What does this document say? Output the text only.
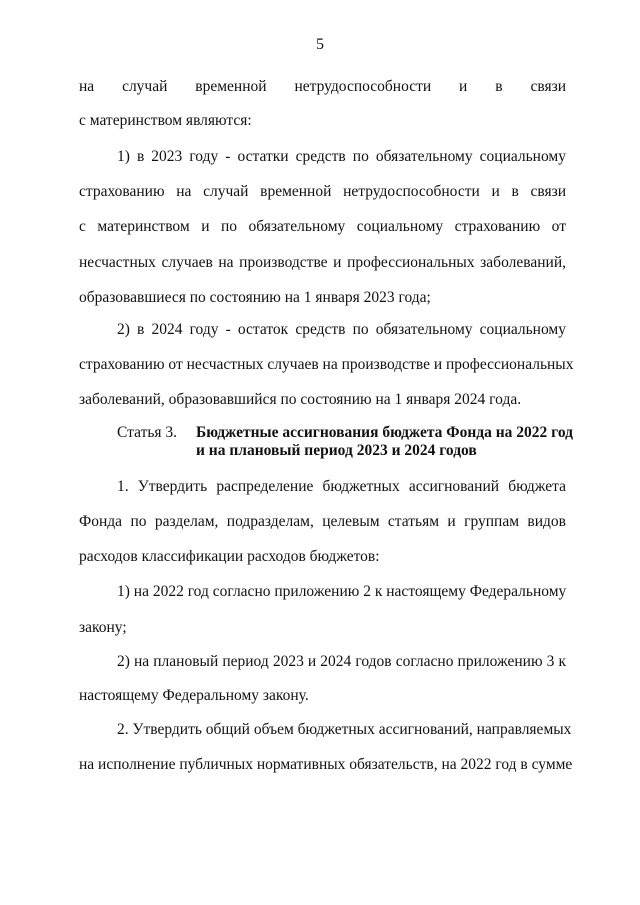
5
на случай временной нетрудоспособности и в связи
с материнством являются:
1) в 2023 году - остатки средств по обязательному социальному
страхованию на случай временной нетрудоспособности и в связи
с материнством и по обязательному социальному страхованию от
несчастных случаев на производстве и профессиональных заболеваний,
образовавшиеся по состоянию на 1 января 2023 года;
2) в 2024 году - остаток средств по обязательному социальному
страхованию от несчастных случаев на производстве и профессиональных
заболеваний, образовавшийся по состоянию на 1 января 2024 года.
Статья 3. Бюджетные ассигнования бюджета Фонда на 2022 год
и на плановый период 2023 и 2024 годов
1. Утвердить распределение бюджетных ассигнований бюджета
Фонда по разделам, подразделам, целевым статьям и группам видов
расходов классификации расходов бюджетов:
1) на 2022 год согласно приложению 2 к настоящему Федеральному
закону;
2) на плановый период 2023 и 2024 годов согласно приложению 3 к
настоящему Федеральному закону.
2. Утвердить общий объем бюджетных ассигнований, направляемых
на исполнение публичных нормативных обязательств, на 2022 год в сумме
